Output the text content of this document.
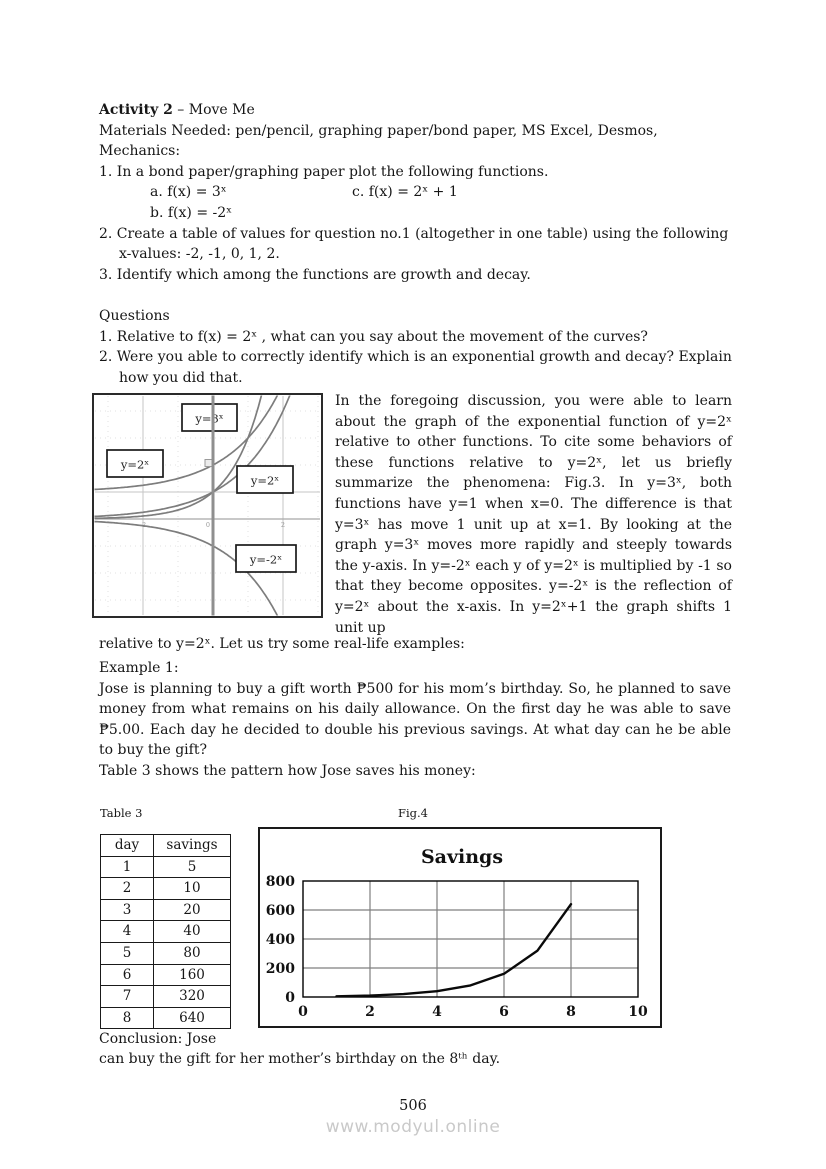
Activity 2 – Move Me
Materials Needed: pen/pencil, graphing paper/bond paper, MS Excel, Desmos,
Mechanics:
1. In a bond paper/graphing paper plot the following functions.
a. f(x) = 3ˣ	c. f(x) = 2ˣ + 1
b. f(x) = -2ˣ
2. Create a table of values for question no.1 (altogether in one table) using the following x-values: -2, -1, 0, 1, 2.
3. Identify which among the functions are growth and decay.
Questions
1. Relative to f(x) = 2ˣ , what can you say about the movement of the curves?
2. Were you able to correctly identify which is an exponential growth and decay? Explain how you did that.
-2	0	2
y=3ˣ
y=2ˣ
y=2ˣ
y=-2ˣ
In the foregoing discussion, you were able to learn about the graph of the exponential function of y=2ˣ relative to other functions. To cite some behaviors of these functions relative to y=2ˣ, let us briefly summarize the phenomena: Fig.3. In y=3ˣ, both functions have y=1 when x=0. The difference is that y=3ˣ has move 1 unit up at x=1. By looking at the graph y=3ˣ moves more rapidly and steeply towards the y-axis. In y=-2ˣ each y of y=2ˣ is multiplied by -1 so that they become opposites. y=-2ˣ is the reflection of y=2ˣ about the x-axis. In y=2ˣ+1 the graph shifts 1 unit up
relative to y=2ˣ. Let us try some real-life examples:
Example 1:
Jose is planning to buy a gift worth ₱500 for his mom’s birthday. So, he planned to save money from what remains on his daily allowance. On the first day he was able to save ₱5.00. Each day he decided to double his previous savings. At what day can he be able to buy the gift?
Table 3 shows the pattern how Jose saves his money:
Table 3	Fig.4
day	savings
1	5
2	10
3	20
4	40
5	80
6	160
7	320
8	640
Savings
0	2	4	6	8	10
0
200
400
600
800
Conclusion: Jose
can buy the gift for her mother’s birthday on the 8ᵗʰ day.
506
www.modyul.online
